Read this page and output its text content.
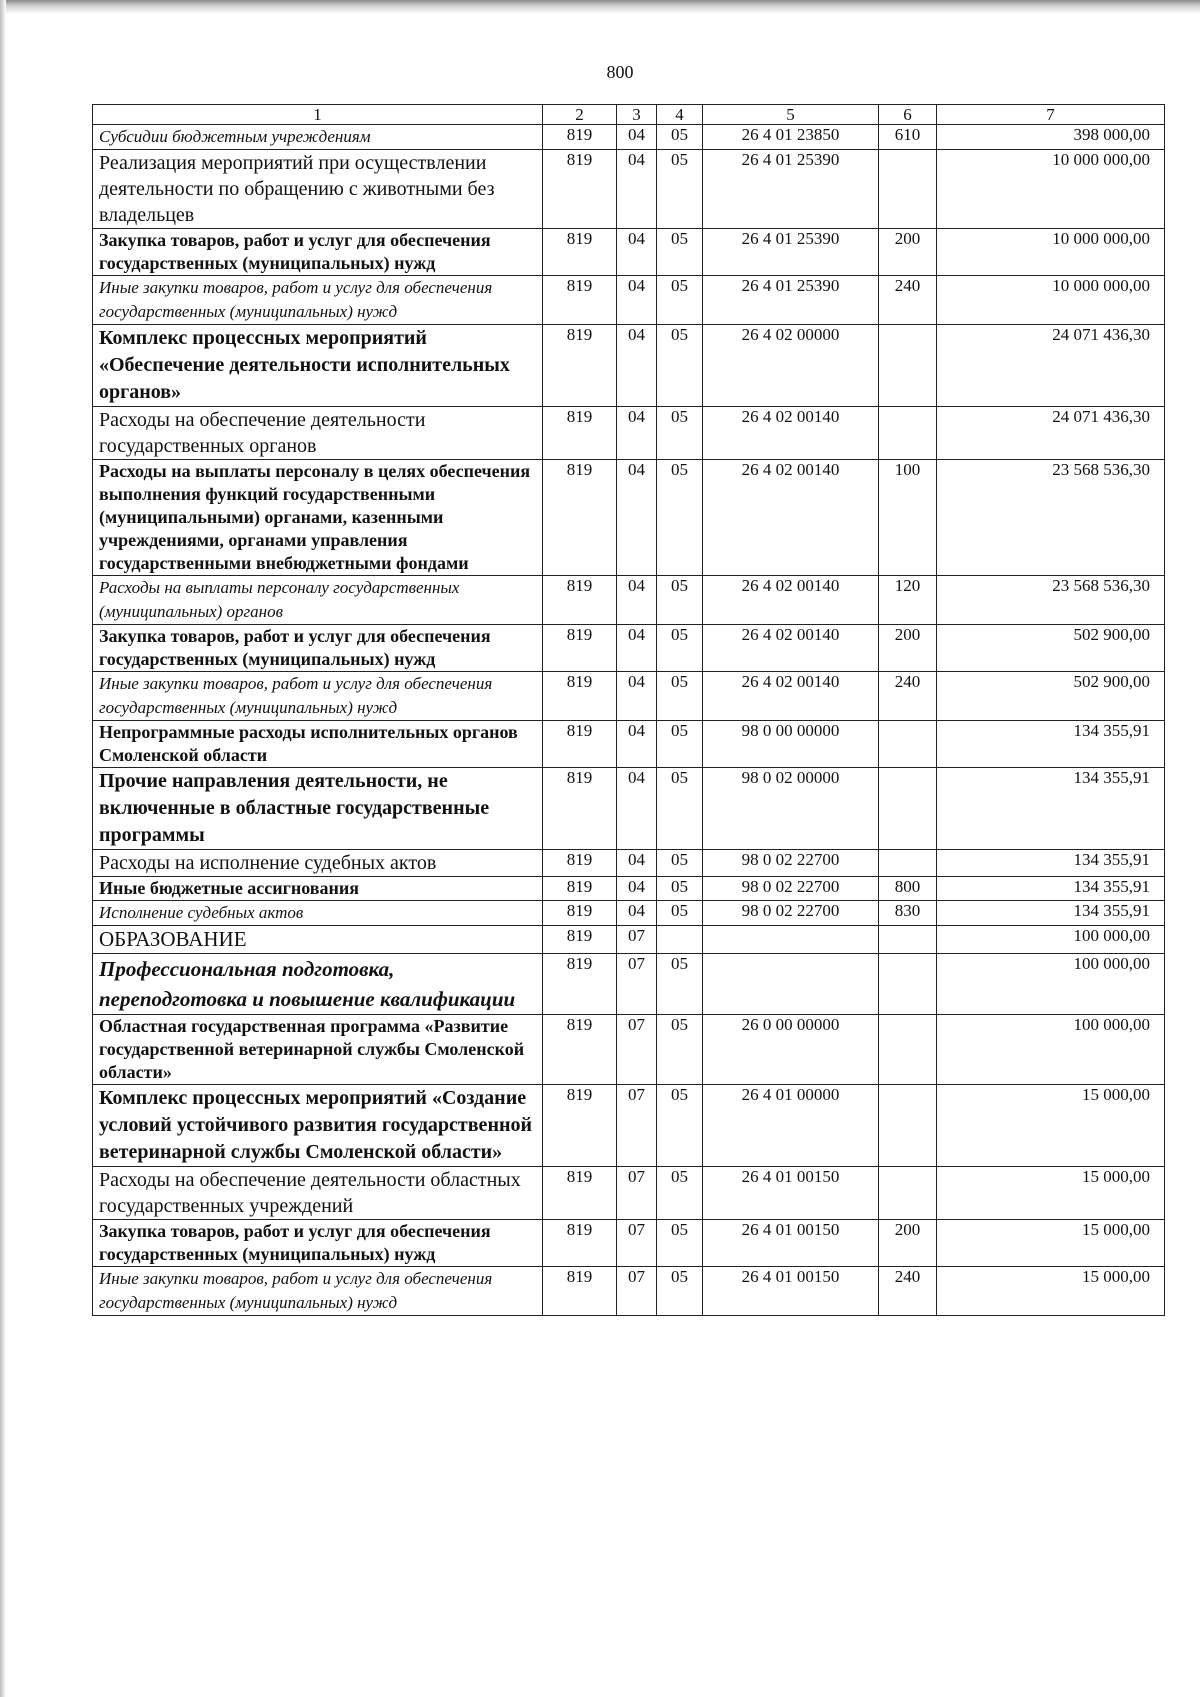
800
1	2	3	4	5	6	7
Субсидии бюджетным учреждениям	819	04	05	26 4 01 23850	610	398 000,00
Реализация мероприятий при осуществлении деятельности по обращению с животными без владельцев	819	04	05	26 4 01 25390		10 000 000,00
Закупка товаров, работ и услуг для обеспечения государственных (муниципальных) нужд	819	04	05	26 4 01 25390	200	10 000 000,00
Иные закупки товаров, работ и услуг для обеспечения государственных (муниципальных) нужд	819	04	05	26 4 01 25390	240	10 000 000,00
Комплекс процессных мероприятий «Обеспечение деятельности исполнительных органов»	819	04	05	26 4 02 00000		24 071 436,30
Расходы на обеспечение деятельности государственных органов	819	04	05	26 4 02 00140		24 071 436,30
Расходы на выплаты персоналу в целях обеспечения выполнения функций государственными (муниципальными) органами, казенными учреждениями, органами управления государственными внебюджетными фондами	819	04	05	26 4 02 00140	100	23 568 536,30
Расходы на выплаты персоналу государственных (муниципальных) органов	819	04	05	26 4 02 00140	120	23 568 536,30
Закупка товаров, работ и услуг для обеспечения государственных (муниципальных) нужд	819	04	05	26 4 02 00140	200	502 900,00
Иные закупки товаров, работ и услуг для обеспечения государственных (муниципальных) нужд	819	04	05	26 4 02 00140	240	502 900,00
Непрограммные расходы исполнительных органов Смоленской области	819	04	05	98 0 00 00000		134 355,91
Прочие направления деятельности, не включенные в областные государственные программы	819	04	05	98 0 02 00000		134 355,91
Расходы на исполнение судебных актов	819	04	05	98 0 02 22700		134 355,91
Иные бюджетные ассигнования	819	04	05	98 0 02 22700	800	134 355,91
Исполнение судебных актов	819	04	05	98 0 02 22700	830	134 355,91
ОБРАЗОВАНИЕ	819	07				100 000,00
Профессиональная подготовка, переподготовка и повышение квалификации	819	07	05			100 000,00
Областная государственная программа «Развитие государственной ветеринарной службы Смоленской области»	819	07	05	26 0 00 00000		100 000,00
Комплекс процессных мероприятий «Создание условий устойчивого развития государственной ветеринарной службы Смоленской области»	819	07	05	26 4 01 00000		15 000,00
Расходы на обеспечение деятельности областных государственных учреждений	819	07	05	26 4 01 00150		15 000,00
Закупка товаров, работ и услуг для обеспечения государственных (муниципальных) нужд	819	07	05	26 4 01 00150	200	15 000,00
Иные закупки товаров, работ и услуг для обеспечения государственных (муниципальных) нужд	819	07	05	26 4 01 00150	240	15 000,00
